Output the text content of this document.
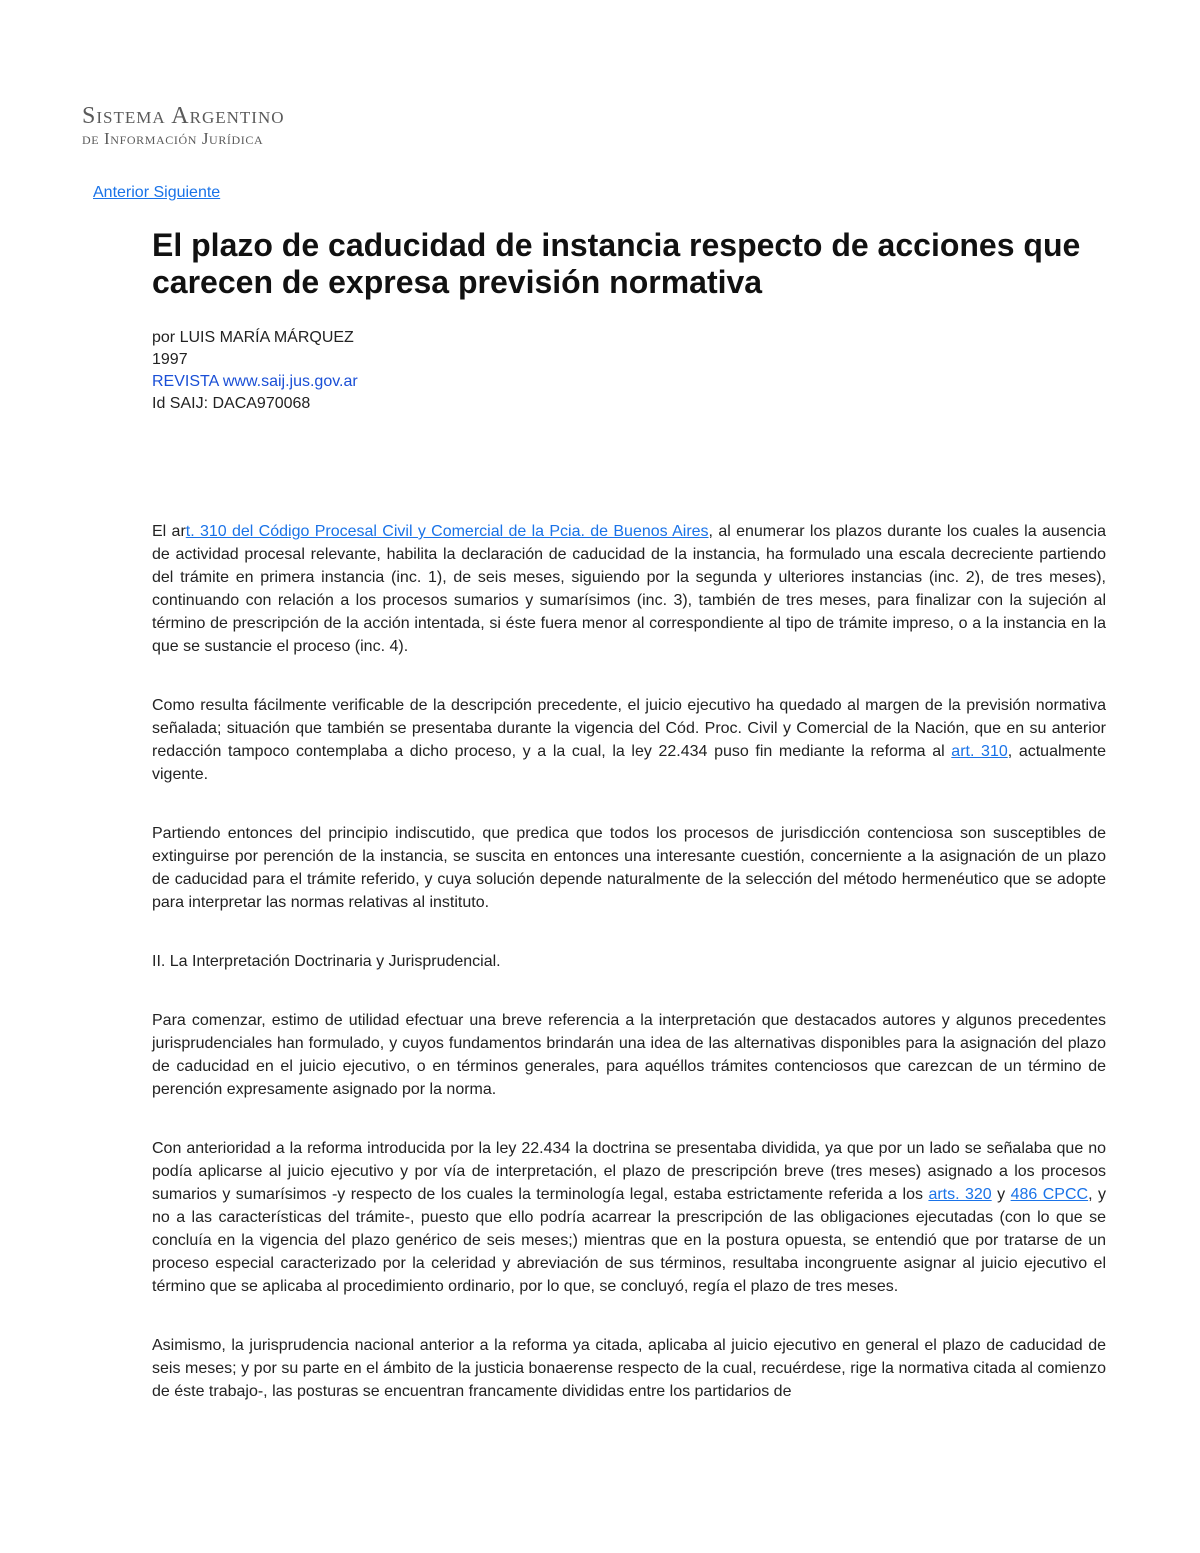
Sistema Argentino
de Información Jurídica
Anterior Siguiente
El plazo de caducidad de instancia respecto de acciones que carecen de expresa previsión normativa
por LUIS MARÍA MÁRQUEZ
1997
REVISTA www.saij.jus.gov.ar
Id SAIJ: DACA970068

El art. 310 del Código Procesal Civil y Comercial de la Pcia. de Buenos Aires, al enumerar los plazos durante los cuales la ausencia de actividad procesal relevante, habilita la declaración de caducidad de la instancia, ha formulado una escala decreciente partiendo del trámite en primera instancia (inc. 1), de seis meses, siguiendo por la segunda y ulteriores instancias (inc. 2), de tres meses), continuando con relación a los procesos sumarios y sumarísimos (inc. 3), también de tres meses, para finalizar con la sujeción al término de prescripción de la acción intentada, si éste fuera menor al correspondiente al tipo de trámite impreso, o a la instancia en la que se sustancie el proceso (inc. 4).

Como resulta fácilmente verificable de la descripción precedente, el juicio ejecutivo ha quedado al margen de la previsión normativa señalada; situación que también se presentaba durante la vigencia del Cód. Proc. Civil y Comercial de la Nación, que en su anterior redacción tampoco contemplaba a dicho proceso, y a la cual, la ley 22.434 puso fin mediante la reforma al art. 310, actualmente vigente.

Partiendo entonces del principio indiscutido, que predica que todos los procesos de jurisdicción contenciosa son susceptibles de extinguirse por perención de la instancia, se suscita en entonces una interesante cuestión, concerniente a la asignación de un plazo de caducidad para el trámite referido, y cuya solución depende naturalmente de la selección del método hermenéutico que se adopte para interpretar las normas relativas al instituto.

II. La Interpretación Doctrinaria y Jurisprudencial.

Para comenzar, estimo de utilidad efectuar una breve referencia a la interpretación que destacados autores y algunos precedentes jurisprudenciales han formulado, y cuyos fundamentos brindarán una idea de las alternativas disponibles para la asignación del plazo de caducidad en el juicio ejecutivo, o en términos generales, para aquéllos trámites contenciosos que carezcan de un término de perención expresamente asignado por la norma.

Con anterioridad a la reforma introducida por la ley 22.434 la doctrina se presentaba dividida, ya que por un lado se señalaba que no podía aplicarse al juicio ejecutivo y por vía de interpretación, el plazo de prescripción breve (tres meses) asignado a los procesos sumarios y sumarísimos -y respecto de los cuales la terminología legal, estaba estrictamente referida a los arts. 320 y 486 CPCC, y no a las características del trámite-, puesto que ello podría acarrear la prescripción de las obligaciones ejecutadas (con lo que se concluía en la vigencia del plazo genérico de seis meses;) mientras que en la postura opuesta, se entendió que por tratarse de un proceso especial caracterizado por la celeridad y abreviación de sus términos, resultaba incongruente asignar al juicio ejecutivo el término que se aplicaba al procedimiento ordinario, por lo que, se concluyó, regía el plazo de tres meses.

Asimismo, la jurisprudencia nacional anterior a la reforma ya citada, aplicaba al juicio ejecutivo en general el plazo de caducidad de seis meses; y por su parte en el ámbito de la justicia bonaerense respecto de la cual, recuérdese, rige la normativa citada al comienzo de éste trabajo-, las posturas se encuentran francamente divididas entre los partidarios de
